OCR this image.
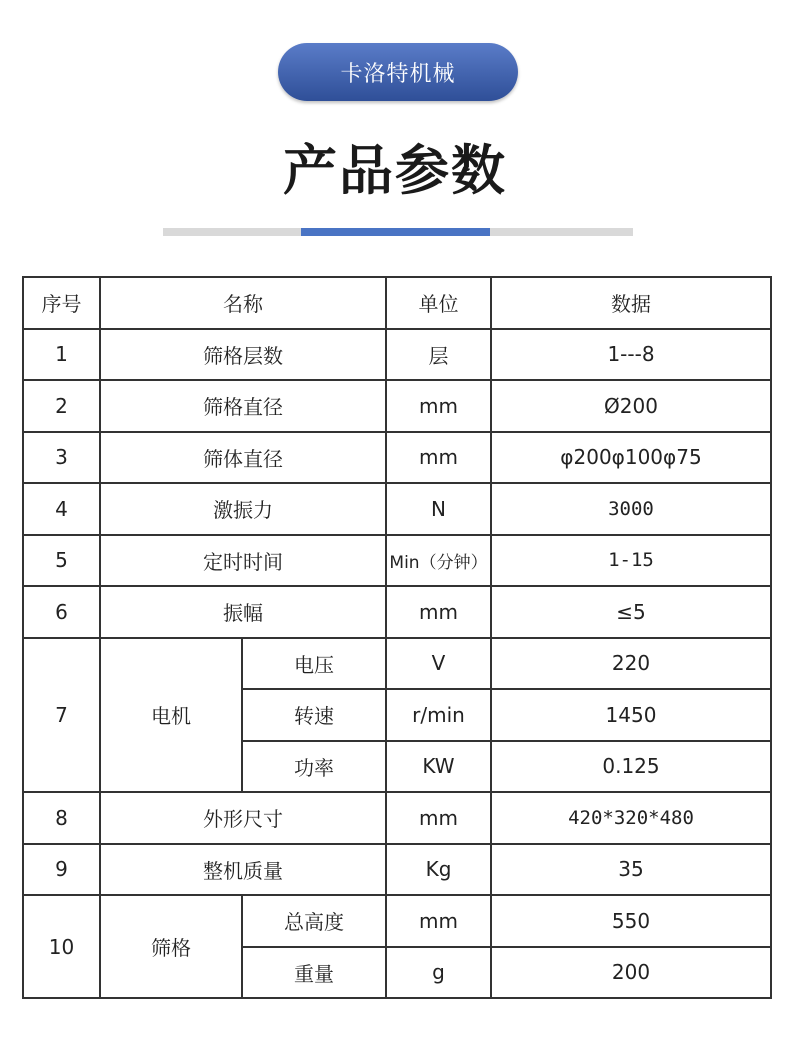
卡洛特机械
产品参数
序号	名称		单位	数据
1	筛格层数		层	1---8
2	筛格直径		mm	Ø200
3	筛体直径		mm	φ200φ100φ75
4	激振力		N	3000
5	定时时间		Min（分钟）	1-15
6	振幅		mm	≤5
7	电机	电压	V	220
		转速	r/min	1450
		功率	KW	0.125
8	外形尺寸		mm	420*320*480
9	整机质量		Kg	35
10	筛格	总高度	mm	550
		重量	g	200
